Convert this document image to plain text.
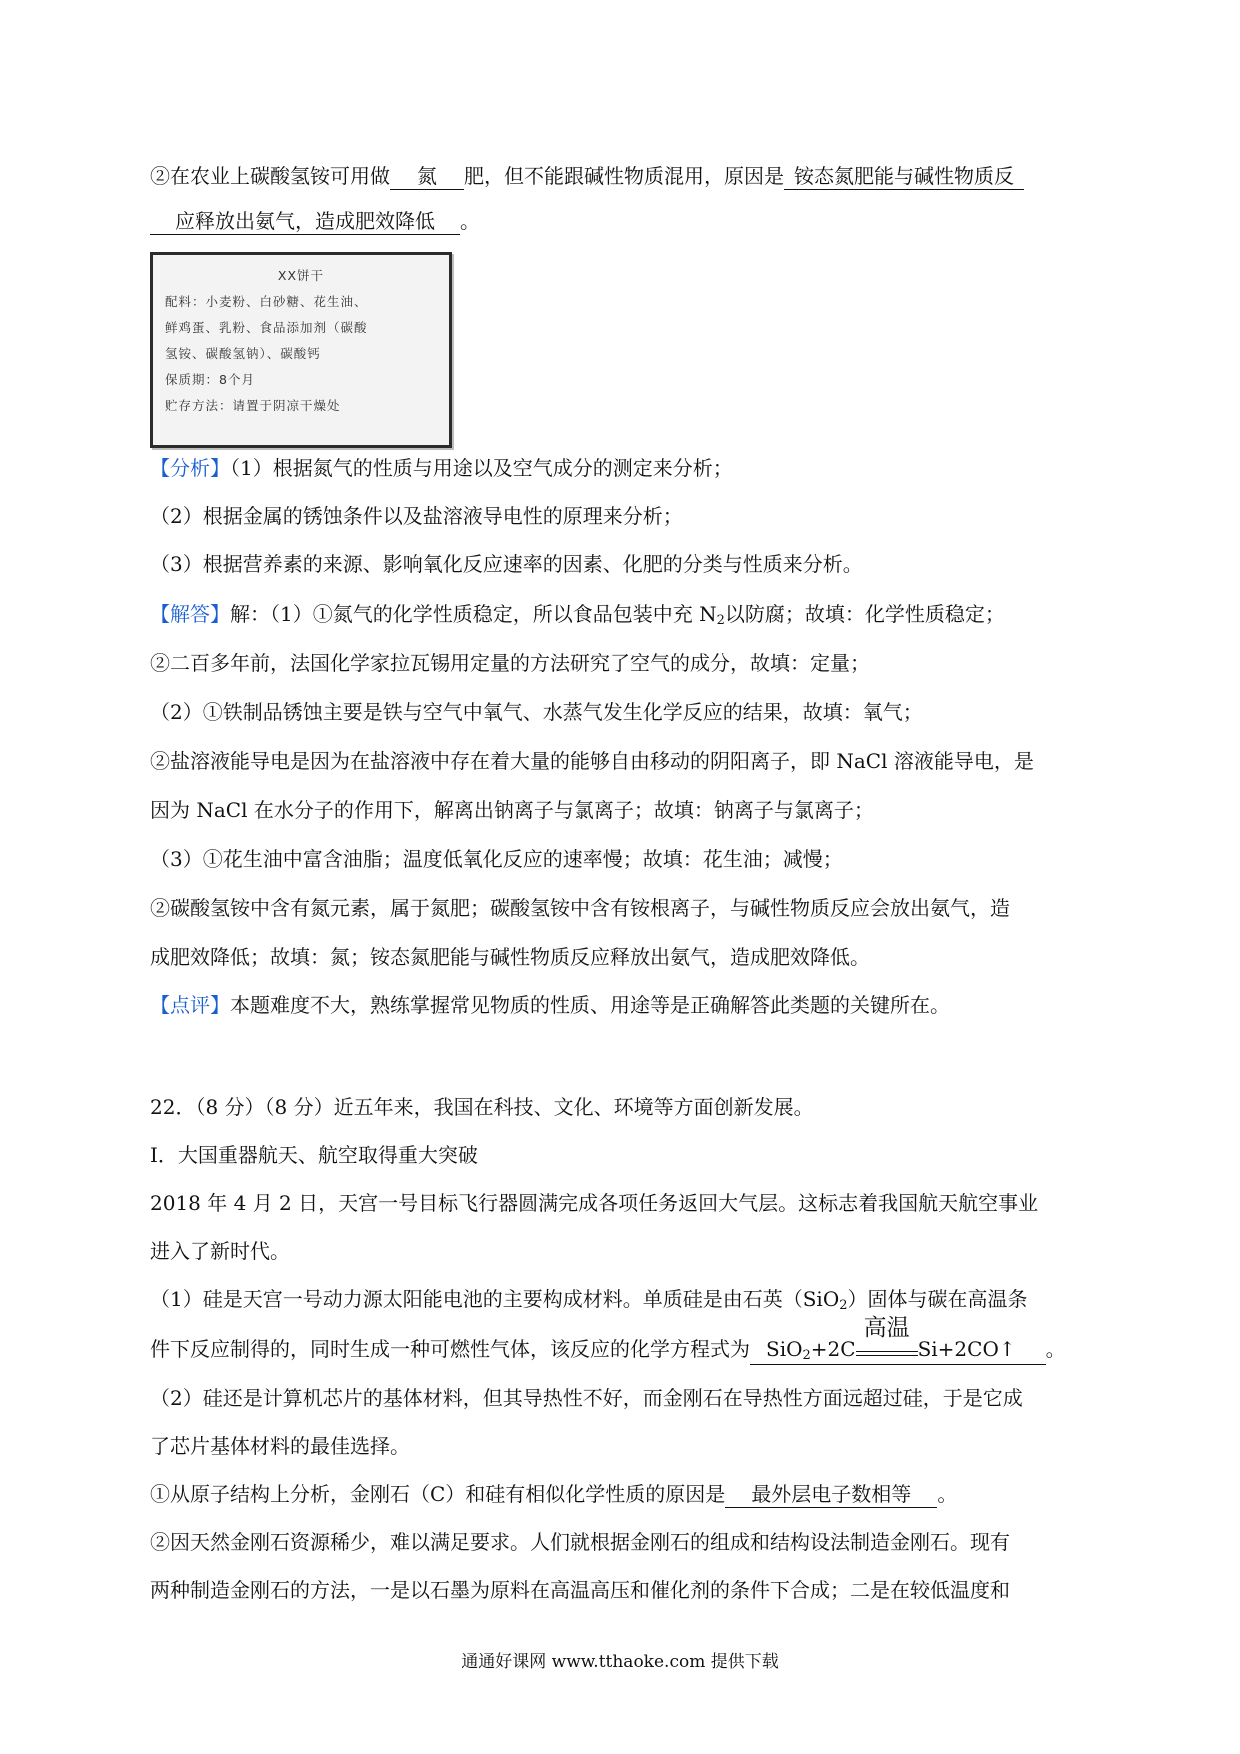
②在农业上碳酸氢铵可用做 氮 肥，但不能跟碱性物质混用，原因是 铵态氮肥能与碱性物质反
应释放出氨气，造成肥效降低 。
XX饼干
配料：小麦粉、白砂糖、花生油、
鲜鸡蛋、乳粉、食品添加剂（碳酸
氢铵、碳酸氢钠）、碳酸钙
保质期：8个月
贮存方法：请置于阴凉干燥处
【分析】（1）根据氮气的性质与用途以及空气成分的测定来分析；
（2）根据金属的锈蚀条件以及盐溶液导电性的原理来分析；
（3）根据营养素的来源、影响氧化反应速率的因素、化肥的分类与性质来分析。
【解答】解：（1）①氮气的化学性质稳定，所以食品包装中充 $N_2$以防腐；故填：化学性质稳定；
②二百多年前，法国化学家拉瓦锡用定量的方法研究了空气的成分，故填：定量；
（2）①铁制品锈蚀主要是铁与空气中氧气、水蒸气发生化学反应的结果，故填：氧气；
②盐溶液能导电是因为在盐溶液中存在着大量的能够自由移动的阴阳离子，即 NaCl 溶液能导电，是
因为 NaCl 在水分子的作用下，解离出钠离子与氯离子；故填：钠离子与氯离子；
（3）①花生油中富含油脂；温度低氧化反应的速率慢；故填：花生油；减慢；
②碳酸氢铵中含有氮元素，属于氮肥；碳酸氢铵中含有铵根离子，与碱性物质反应会放出氨气，造
成肥效降低；故填：氮；铵态氮肥能与碱性物质反应释放出氨气，造成肥效降低。
【点评】本题难度不大，熟练掌握常见物质的性质、用途等是正确解答此类题的关键所在。
22．（8 分）（8 分）近五年来，我国在科技、文化、环境等方面创新发展。
Ⅰ．大国重器航天、航空取得重大突破
2018 年 4 月 2 日，天宫一号目标飞行器圆满完成各项任务返回大气层。这标志着我国航天航空事业
进入了新时代。
（1）硅是天宫一号动力源太阳能电池的主要构成材料。单质硅是由石英（SiO$_2$）固体与碳在高温条
件下反应制得的，同时生成一种可燃性气体，该反应的化学方程式为 SiO$_2$+2C
高温
Si+2CO↑ 。
（2）硅还是计算机芯片的基体材料，但其导热性不好，而金刚石在导热性方面远超过硅，于是它成
了芯片基体材料的最佳选择。
①从原子结构上分析，金刚石（C）和硅有相似化学性质的原因是 最外层电子数相等 。
②因天然金刚石资源稀少，难以满足要求。人们就根据金刚石的组成和结构设法制造金刚石。现有
两种制造金刚石的方法，一是以石墨为原料在高温高压和催化剂的条件下合成；二是在较低温度和
通通好课网 www.tthaoke.com 提供下载
